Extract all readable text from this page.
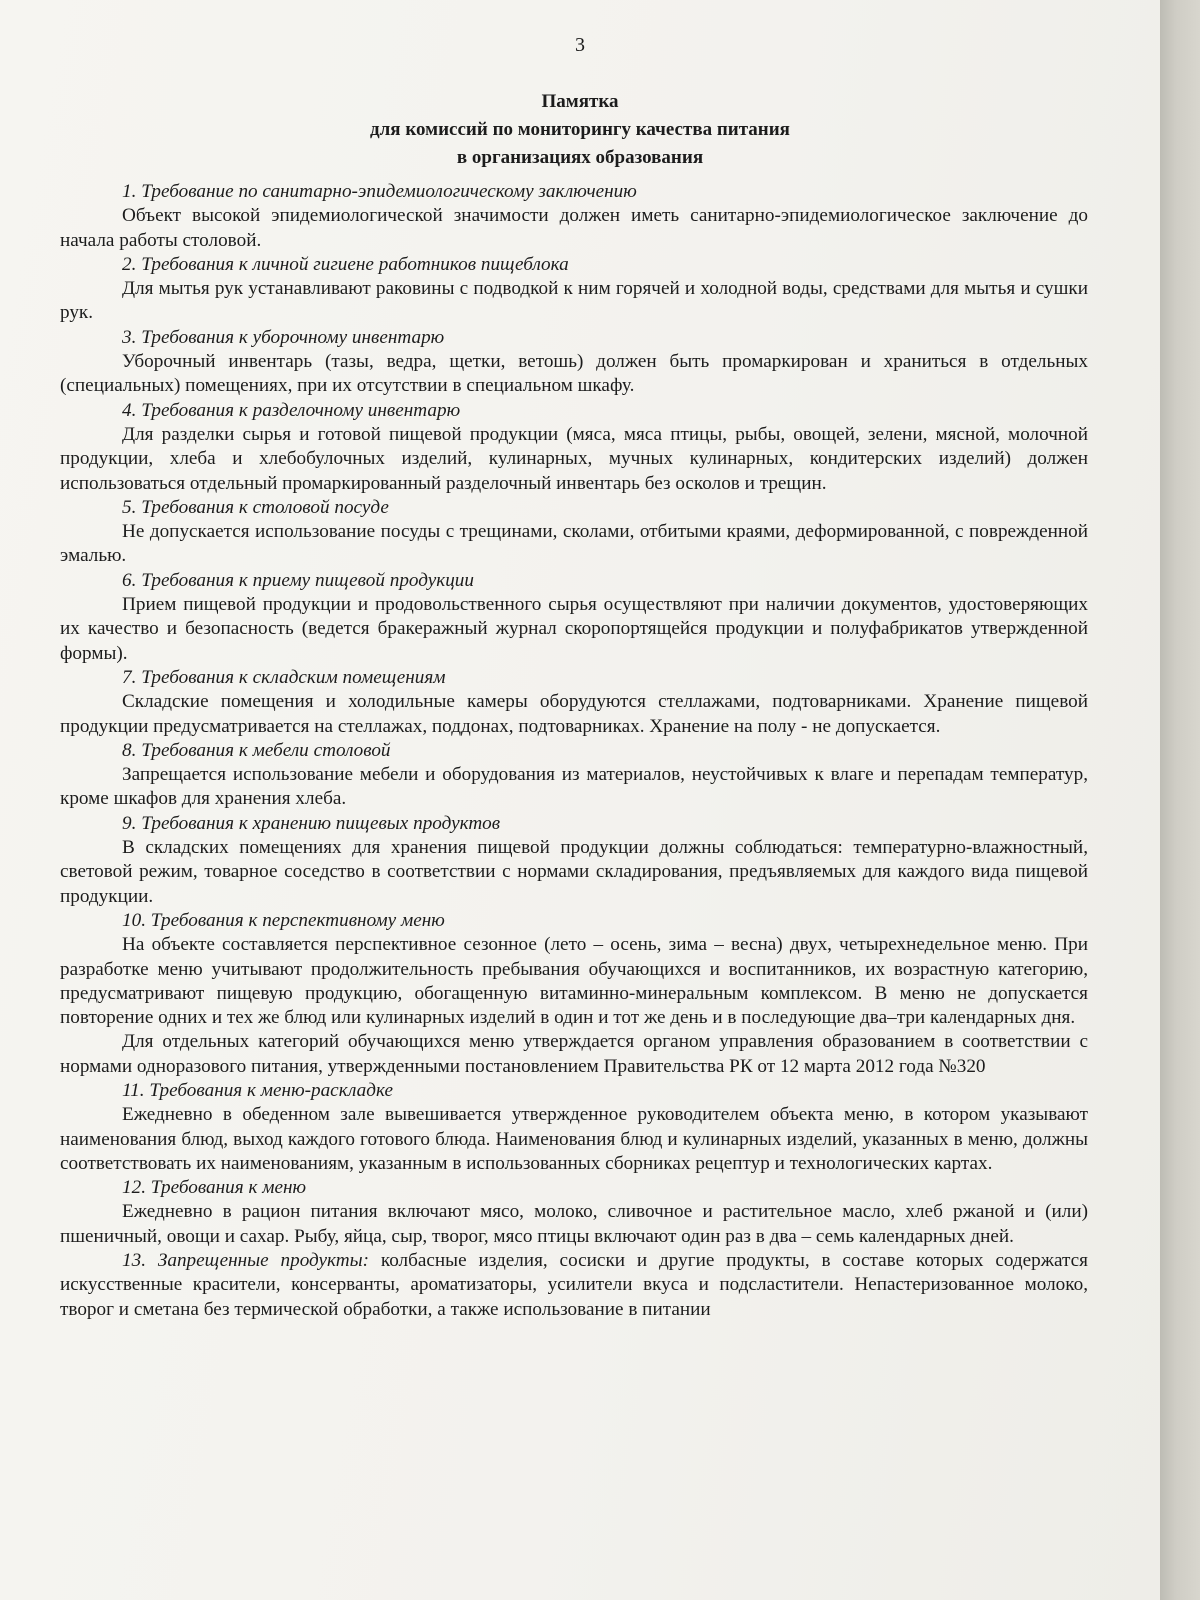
3
Памятка
для комиссий по мониторингу качества питания
в организациях образования

1. Требование по санитарно-эпидемиологическому заключению

Объект высокой эпидемиологической значимости должен иметь санитарно-эпидемиологическое заключение до начала работы столовой.

2. Требования к личной гигиене работников пищеблока

Для мытья рук устанавливают раковины с подводкой к ним горячей и холодной воды, средствами для мытья и сушки рук.

3. Требования к уборочному инвентарю

Уборочный инвентарь (тазы, ведра, щетки, ветошь) должен быть промаркирован и храниться в отдельных (специальных) помещениях, при их отсутствии в специальном шкафу.

4. Требования к разделочному инвентарю

Для разделки сырья и готовой пищевой продукции (мяса, мяса птицы, рыбы, овощей, зелени, мясной, молочной продукции, хлеба и хлебобулочных изделий, кулинарных, мучных кулинарных, кондитерских изделий) должен использоваться отдельный промаркированный разделочный инвентарь без осколов и трещин.

5. Требования к столовой посуде

Не допускается использование посуды с трещинами, сколами, отбитыми краями, деформированной, с поврежденной эмалью.

6. Требования к приему пищевой продукции

Прием пищевой продукции и продовольственного сырья осуществляют при наличии документов, удостоверяющих их качество и безопасность (ведется бракеражный журнал скоропортящейся продукции и полуфабрикатов утвержденной формы).

7. Требования к складским помещениям

Складские помещения и холодильные камеры оборудуются стеллажами, подтоварниками. Хранение пищевой продукции предусматривается на стеллажах, поддонах, подтоварниках. Хранение на полу - не допускается.

8. Требования к мебели столовой

Запрещается использование мебели и оборудования из материалов, неустойчивых к влаге и перепадам температур, кроме шкафов для хранения хлеба.

9. Требования к хранению пищевых продуктов

В складских помещениях для хранения пищевой продукции должны соблюдаться: температурно-влажностный, световой режим, товарное соседство в соответствии с нормами складирования, предъявляемых для каждого вида пищевой продукции.

10. Требования к перспективному меню

На объекте составляется перспективное сезонное (лето – осень, зима – весна) двух, четырехнедельное меню. При разработке меню учитывают продолжительность пребывания обучающихся и воспитанников, их возрастную категорию, предусматривают пищевую продукцию, обогащенную витаминно-минеральным комплексом. В меню не допускается повторение одних и тех же блюд или кулинарных изделий в один и тот же день и в последующие два–три календарных дня.

Для отдельных категорий обучающихся меню утверждается органом управления образованием в соответствии с нормами одноразового питания, утвержденными постановлением Правительства РК от 12 марта 2012 года №320

11. Требования к меню-раскладке

Ежедневно в обеденном зале вывешивается утвержденное руководителем объекта меню, в котором указывают наименования блюд, выход каждого готового блюда. Наименования блюд и кулинарных изделий, указанных в меню, должны соответствовать их наименованиям, указанным в использованных сборниках рецептур и технологических картах.

12. Требования к меню

Ежедневно в рацион питания включают мясо, молоко, сливочное и растительное масло, хлеб ржаной и (или) пшеничный, овощи и сахар. Рыбу, яйца, сыр, творог, мясо птицы включают один раз в два – семь календарных дней.

13. Запрещенные продукты: колбасные изделия, сосиски и другие продукты, в составе которых содержатся искусственные красители, консерванты, ароматизаторы, усилители вкуса и подсластители. Непастеризованное молоко, творог и сметана без термической обработки, а также использование в питании
